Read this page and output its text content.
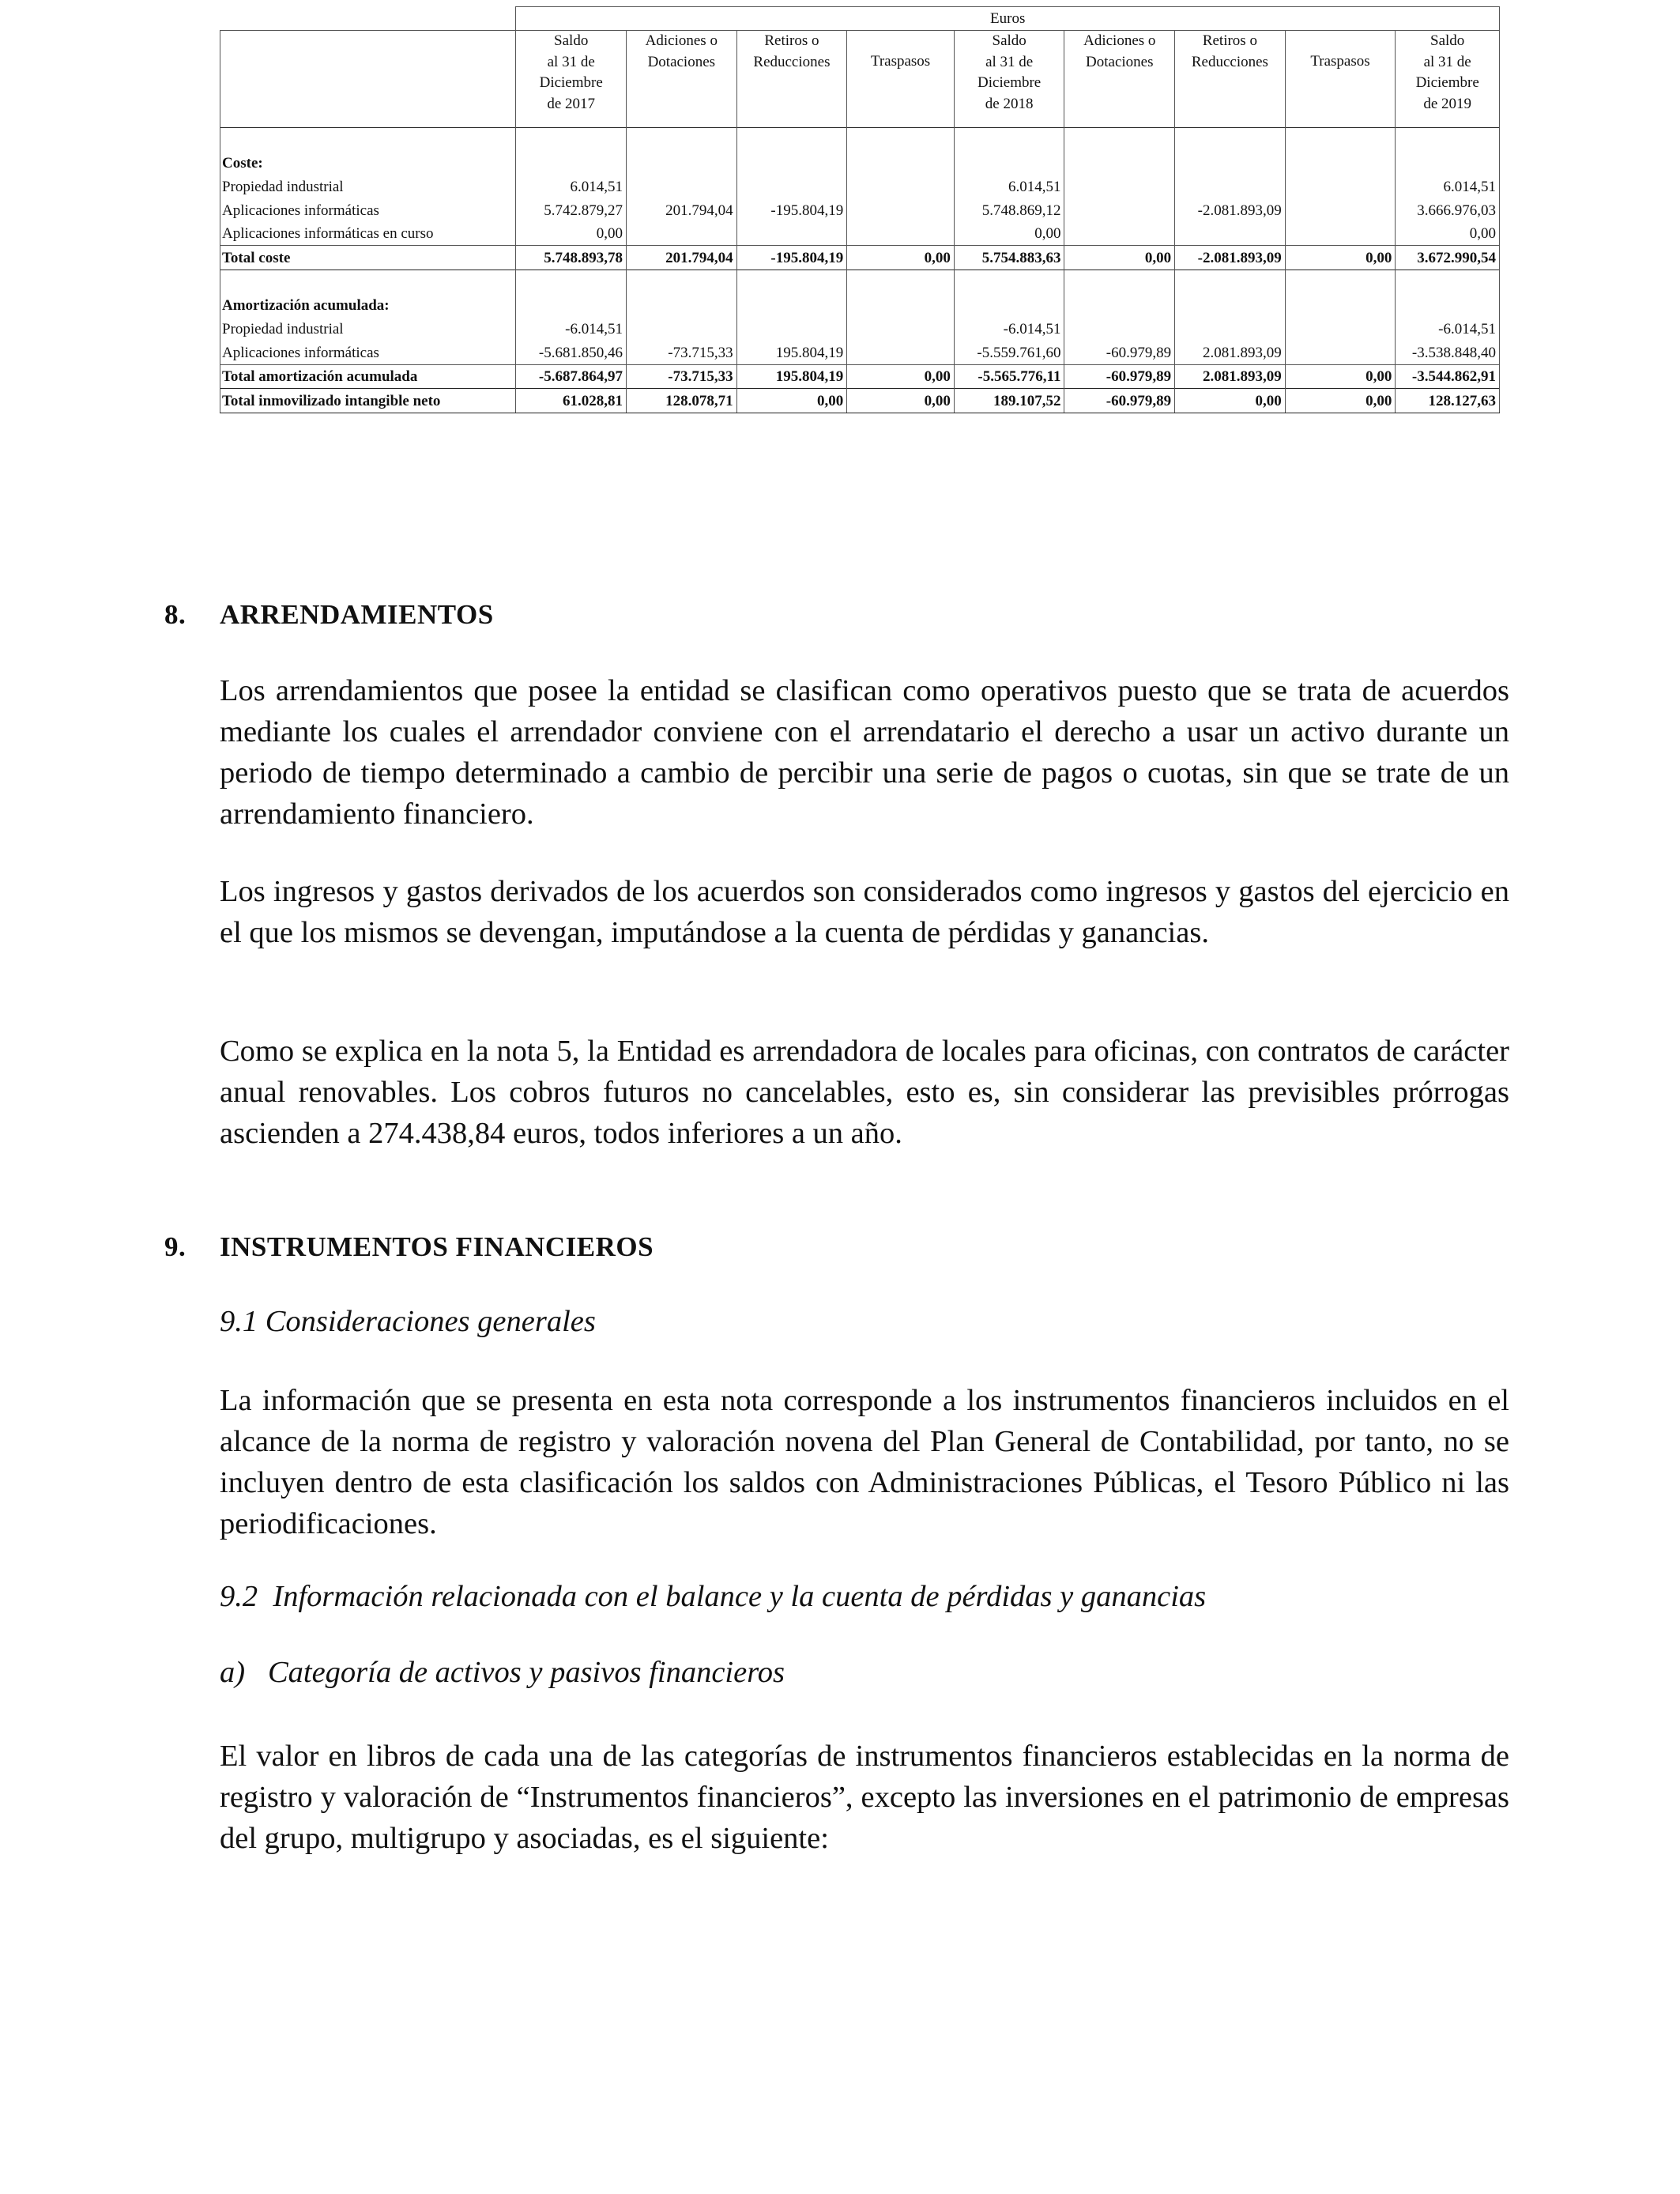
	Euros								

	Saldo
al 31 de
Diciembre
de 2017	Adiciones o
Dotaciones	Retiros o
Reducciones	Traspasos	Saldo
al 31 de
Diciembre
de 2018	Adiciones o
Dotaciones	Retiros o
Reducciones	Traspasos	Saldo
al 31 de
Diciembre
de 2019

Coste:									
Propiedad industrial	6.014,51				6.014,51				6.014,51
Aplicaciones informáticas	5.742.879,27	201.794,04	-195.804,19		5.748.869,12		-2.081.893,09		3.666.976,03
Aplicaciones informáticas en curso	0,00				0,00				0,00
Total coste	5.748.893,78	201.794,04	-195.804,19	0,00	5.754.883,63	0,00	-2.081.893,09	0,00	3.672.990,54

Amortización acumulada:									
Propiedad industrial	-6.014,51				-6.014,51				-6.014,51
Aplicaciones informáticas	-5.681.850,46	-73.715,33	195.804,19		-5.559.761,60	-60.979,89	2.081.893,09		-3.538.848,40
Total amortización acumulada	-5.687.864,97	-73.715,33	195.804,19	0,00	-5.565.776,11	-60.979,89	2.081.893,09	0,00	-3.544.862,91
Total inmovilizado intangible neto	61.028,81	128.078,71	0,00	0,00	189.107,52	-60.979,89	0,00	0,00	128.127,63
8. ARRENDAMIENTOS
Los arrendamientos que posee la entidad se clasifican como operativos puesto que se trata de acuerdos mediante los cuales el arrendador conviene con el arrendatario el derecho a usar un activo durante un periodo de tiempo determinado a cambio de percibir una serie de pagos o cuotas, sin que se trate de un arrendamiento financiero.
Los ingresos y gastos derivados de los acuerdos son considerados como ingresos y gastos del ejercicio en el que los mismos se devengan, imputándose a la cuenta de pérdidas y ganancias.
Como se explica en la nota 5, la Entidad es arrendadora de locales para oficinas, con contratos de carácter anual renovables. Los cobros futuros no cancelables, esto es, sin considerar las previsibles prórrogas ascienden a 274.438,84 euros, todos inferiores a un año.
9. INSTRUMENTOS FINANCIEROS
9.1 Consideraciones generales
La información que se presenta en esta nota corresponde a los instrumentos financieros incluidos en el alcance de la norma de registro y valoración novena del Plan General de Contabilidad, por tanto, no se incluyen dentro de esta clasificación los saldos con Administraciones Públicas, el Tesoro Público ni las periodificaciones.
9.2  Información relacionada con el balance y la cuenta de pérdidas y ganancias
a)   Categoría de activos y pasivos financieros
El valor en libros de cada una de las categorías de instrumentos financieros establecidas en la norma de registro y valoración de “Instrumentos financieros”, excepto las inversiones en el patrimonio de empresas del grupo, multigrupo y asociadas, es el siguiente:
